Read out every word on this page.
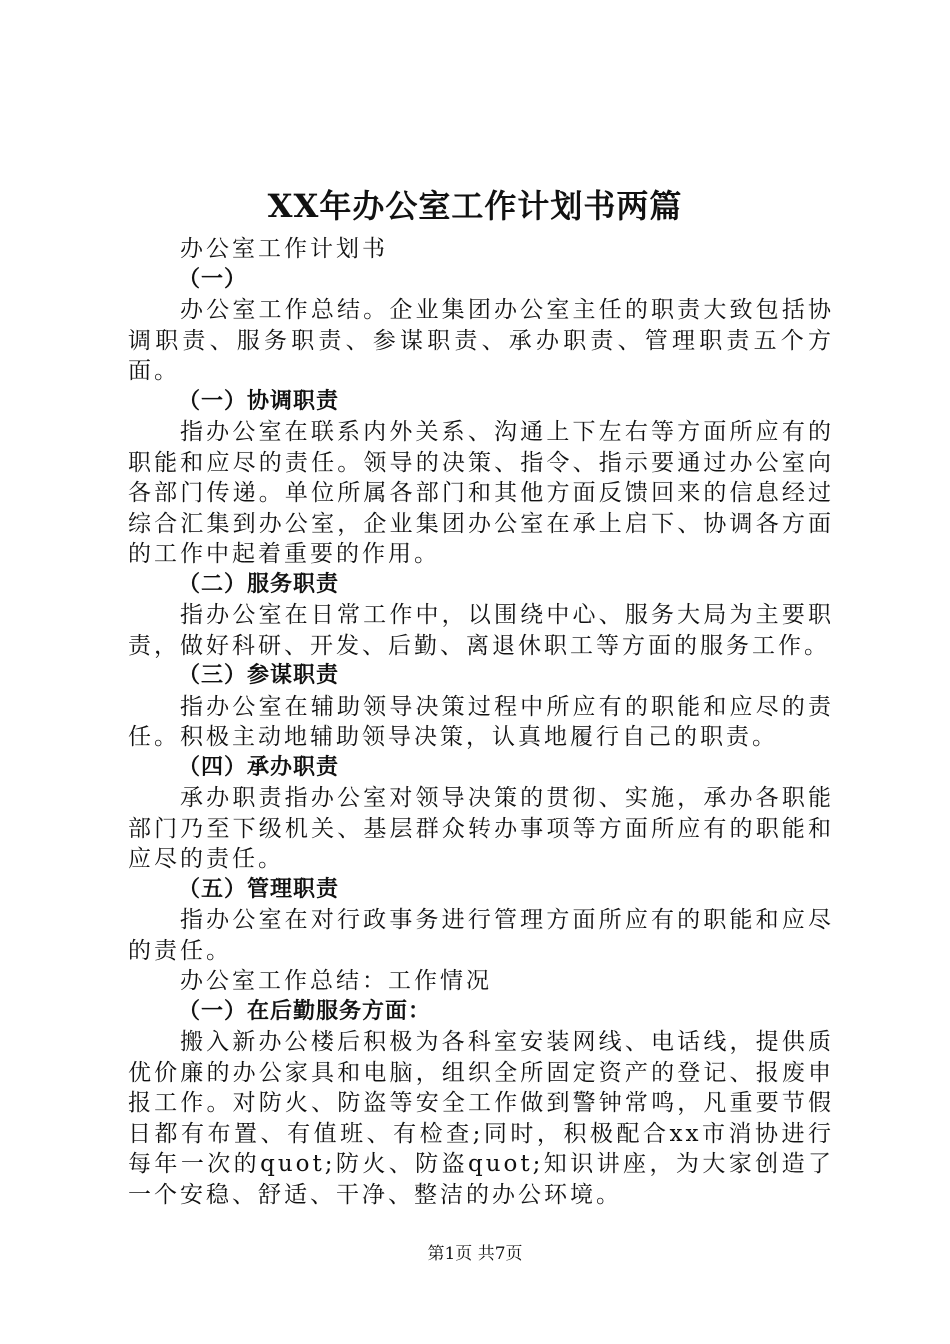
XX年办公室工作计划书两篇

办公室工作计划书

（一）

办公室工作总结。企业集团办公室主任的职责大致包括协调职责、服务职责、参谋职责、承办职责、管理职责五个方面。

（一）协调职责

指办公室在联系内外关系、沟通上下左右等方面所应有的职能和应尽的责任。领导的决策、指令、指示要通过办公室向各部门传递。单位所属各部门和其他方面反馈回来的信息经过综合汇集到办公室，企业集团办公室在承上启下、协调各方面的工作中起着重要的作用。

（二）服务职责

指办公室在日常工作中，以围绕中心、服务大局为主要职责，做好科研、开发、后勤、离退休职工等方面的服务工作。

（三）参谋职责

指办公室在辅助领导决策过程中所应有的职能和应尽的责任。积极主动地辅助领导决策，认真地履行自己的职责。

（四）承办职责

承办职责指办公室对领导决策的贯彻、实施，承办各职能部门乃至下级机关、基层群众转办事项等方面所应有的职能和应尽的责任。

（五）管理职责

指办公室在对行政事务进行管理方面所应有的职能和应尽的责任。

办公室工作总结：工作情况

（一）在后勤服务方面：

搬入新办公楼后积极为各科室安装网线、电话线，提供质优价廉的办公家具和电脑，组织全所固定资产的登记、报废申报工作。对防火、防盗等安全工作做到警钟常鸣，凡重要节假日都有布置、有值班、有检查;同时，积极配合xx市消协进行每年一次的quot;防火、防盗quot;知识讲座，为大家创造了一个安稳、舒适、干净、整洁的办公环境。

第1页 共7页
